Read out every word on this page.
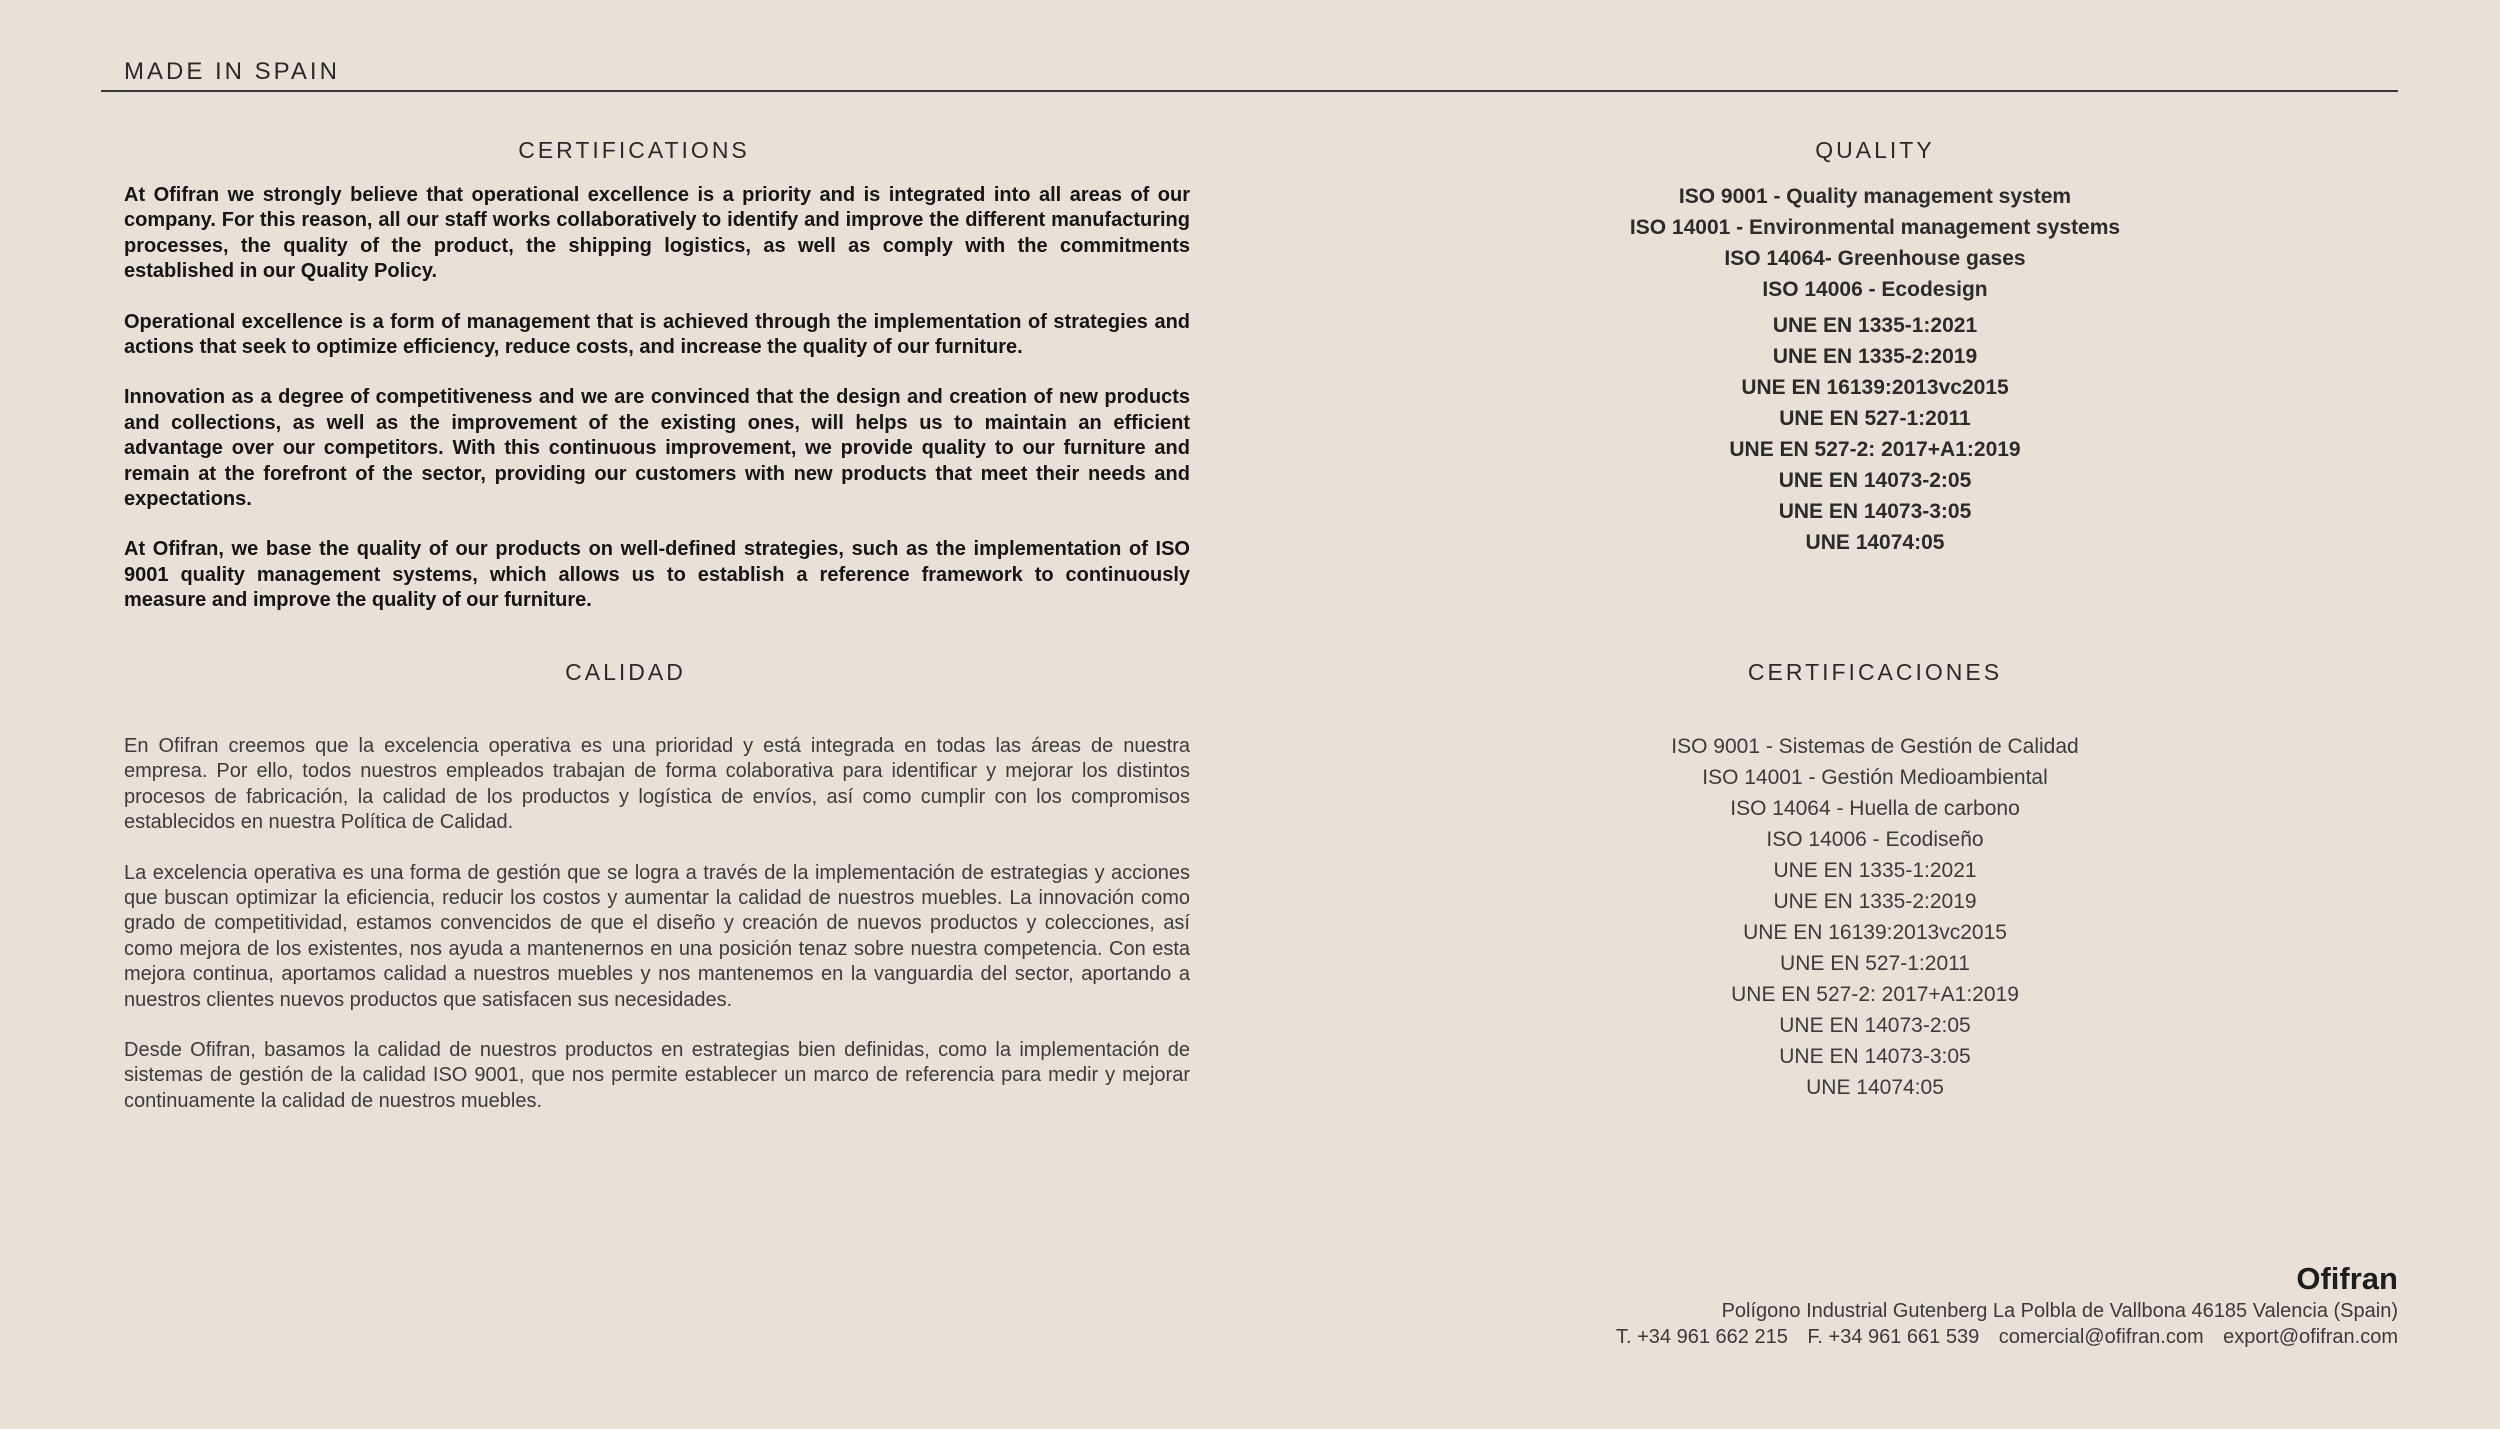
MADE IN SPAIN
CERTIFICATIONS

At Ofifran we strongly believe that operational excellence is a priority and is integrated into all areas of our company. For this reason, all our staff works collaboratively to identify and improve the different manufacturing processes, the quality of the product, the shipping logistics, as well as comply with the commitments established in our Quality Policy.

Operational excellence is a form of management that is achieved through the implementation of strategies and actions that seek to optimize efficiency, reduce costs, and increase the quality of our furniture.

Innovation as a degree of competitiveness and we are convinced that the design and creation of new products and collections, as well as the improvement of the existing ones, will helps us to maintain an efficient advantage over our competitors. With this continuous improvement, we provide quality to our furniture and remain at the forefront of the sector, providing our customers with new products that meet their needs and expectations.

At Ofifran, we base the quality of our products on well-defined strategies, such as the implementation of ISO 9001 quality management systems, which allows us to establish a reference framework to continuously measure and improve the quality of our furniture.

QUALITY
ISO 9001 - Quality management system
ISO 14001 - Environmental management systems
ISO 14064- Greenhouse gases
ISO 14006 - Ecodesign
UNE EN 1335-1:2021
UNE EN 1335-2:2019
UNE EN 16139:2013vc2015
UNE EN 527-1:2011
UNE EN 527-2: 2017+A1:2019
UNE EN 14073-2:05
UNE EN 14073-3:05
UNE 14074:05
CALIDAD

En Ofifran creemos que la excelencia operativa es una prioridad y está integrada en todas las áreas de nuestra empresa. Por ello, todos nuestros empleados trabajan de forma colaborativa para identificar y mejorar los distintos procesos de fabricación, la calidad de los productos y logística de envíos, así como cumplir con los compromisos establecidos en nuestra Política de Calidad.

La excelencia operativa es una forma de gestión que se logra a través de la implementación de estrategias y acciones que buscan optimizar la eficiencia, reducir los costos y aumentar la calidad de nuestros muebles. La innovación como grado de competitividad, estamos convencidos de que el diseño y creación de nuevos productos y colecciones, así como mejora de los existentes, nos ayuda a mantenernos en una posición tenaz sobre nuestra competencia. Con esta mejora continua, aportamos calidad a nuestros muebles y nos mantenemos en la vanguardia del sector, aportando a nuestros clientes nuevos productos que satisfacen sus necesidades.

Desde Ofifran, basamos la calidad de nuestros productos en estrategias bien definidas, como la implementación de sistemas de gestión de la calidad ISO 9001, que nos permite establecer un marco de referencia para medir y mejorar continuamente la calidad de nuestros muebles.

CERTIFICACIONES
ISO 9001 - Sistemas de Gestión de Calidad
ISO 14001 - Gestión Medioambiental
ISO 14064 - Huella de carbono
ISO 14006 - Ecodiseño
UNE EN 1335-1:2021
UNE EN 1335-2:2019
UNE EN 16139:2013vc2015
UNE EN 527-1:2011
UNE EN 527-2: 2017+A1:2019
UNE EN 14073-2:05
UNE EN 14073-3:05
UNE 14074:05
Ofifran
Polígono Industrial Gutenberg La Polbla de Vallbona 46185 Valencia (Spain)
T. +34 961 662 215 F. +34 961 661 539 comercial@ofifran.com export@ofifran.com
